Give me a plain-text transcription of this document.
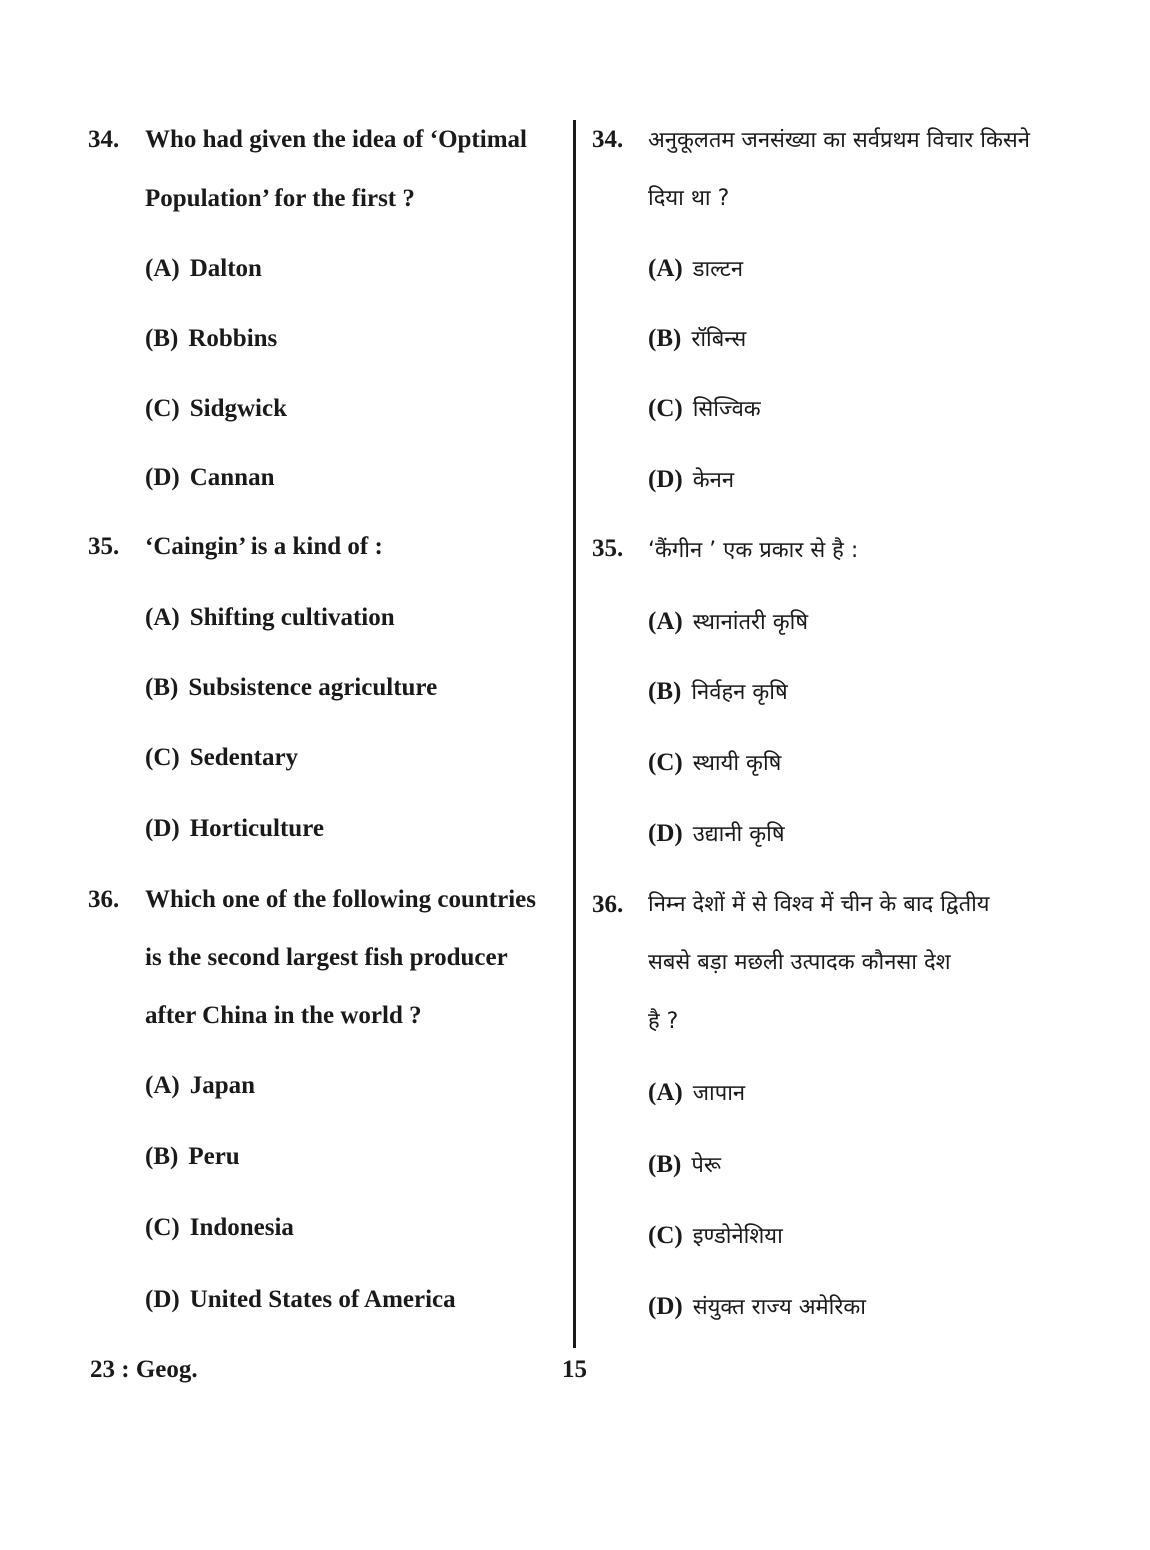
34. Who had given the idea of ‘Optimal
Population’ for the first ?
(A) Dalton
(B) Robbins
(C) Sidgwick
(D) Cannan
35. ‘Caingin’ is a kind of :
(A) Shifting cultivation
(B) Subsistence agriculture
(C) Sedentary
(D) Horticulture
36. Which one of the following countries
is the second largest fish producer
after China in the world ?
(A) Japan
(B) Peru
(C) Indonesia
(D) United States of America
34. अनुकूलतम जनसंख्या का सर्वप्रथम विचार किसने
दिया था ?
(A) डाल्टन
(B) रॉबिन्स
(C) सिज्विक
(D) केनन
35. ‘कैंगीन ’ एक प्रकार से है :
(A) स्थानांतरी कृषि
(B) निर्वहन कृषि
(C) स्थायी कृषि
(D) उद्यानी कृषि
36. निम्न देशों में से विश्व में चीन के बाद द्वितीय
सबसे बड़ा मछली उत्पादक कौनसा देश
है ?
(A) जापान
(B) पेरू
(C) इण्डोनेशिया
(D) संयुक्त राज्य अमेरिका
23 : Geog.	15
